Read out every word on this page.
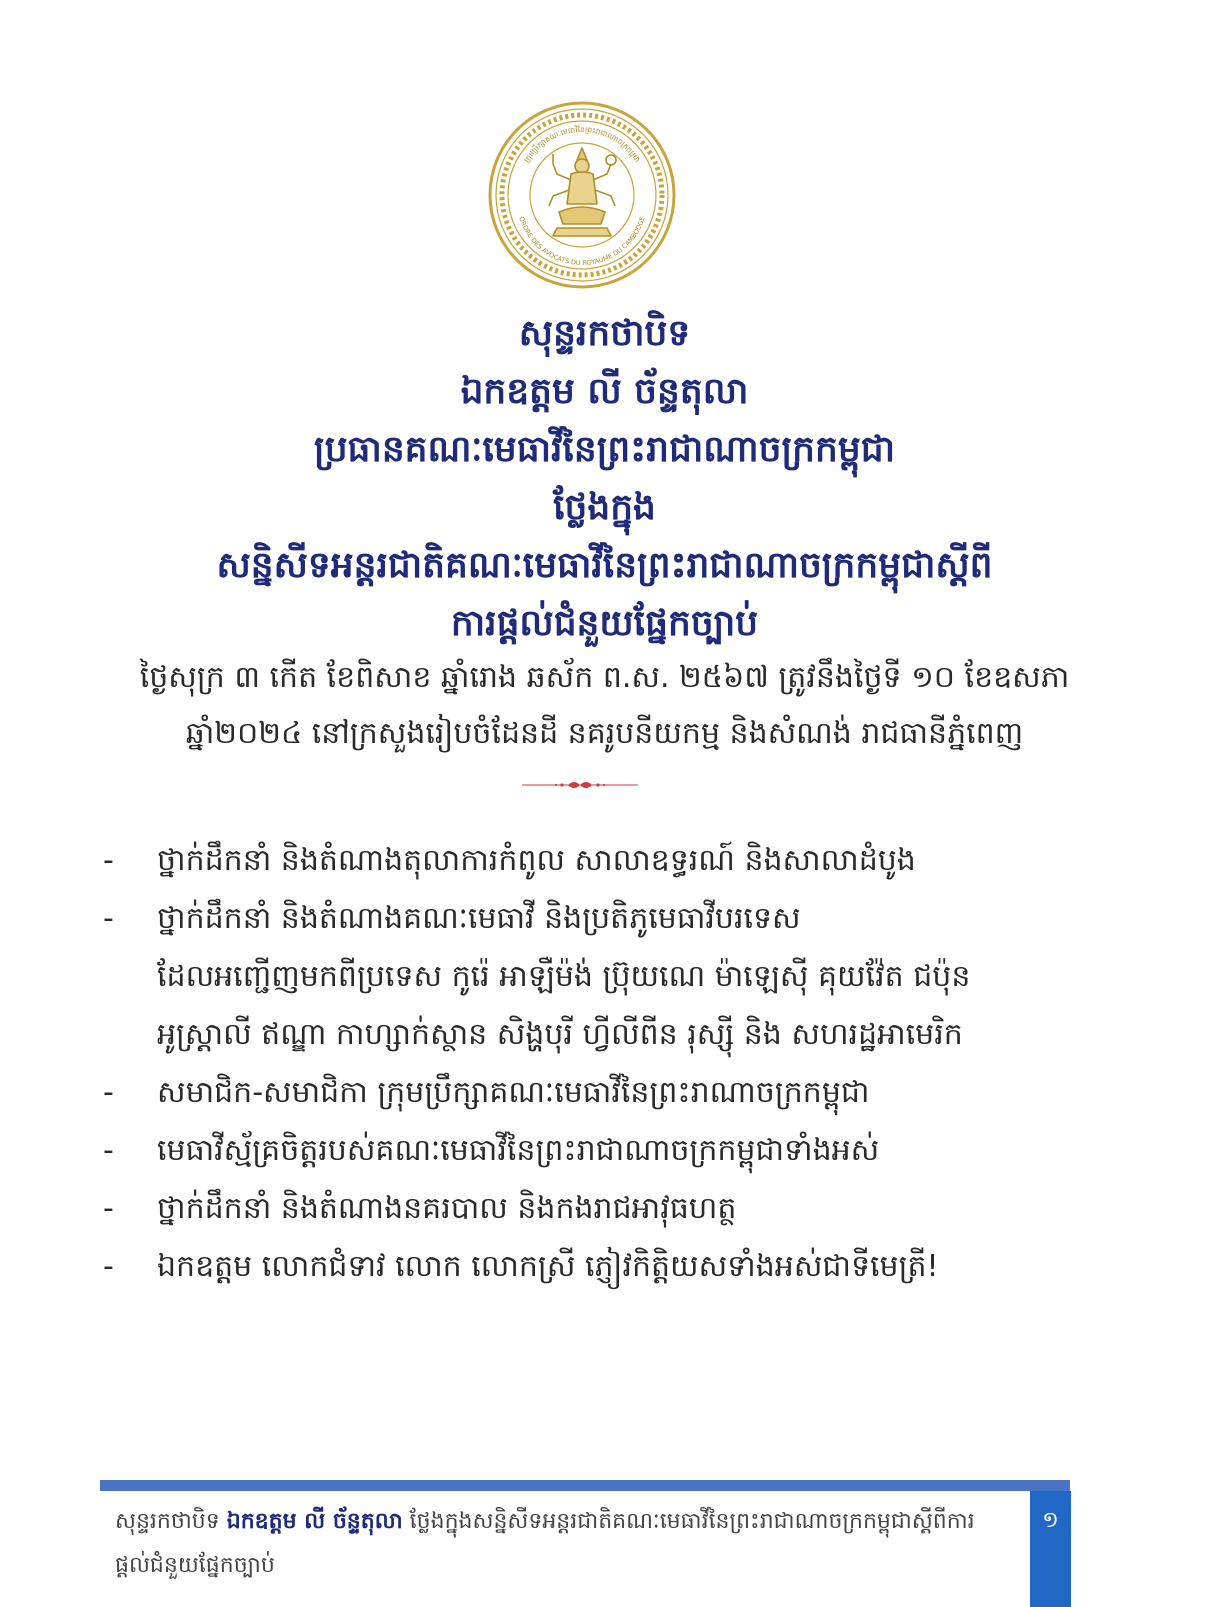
ក្រុមប្រឹក្សាគណៈមេធាវីនៃព្រះរាជាណាចក្រកម្ពុជា
ORDRE DES AVOCATS DU ROYAUME DU CAMBODGE
សុន្ទរកថាបិទ
ឯកឧត្តម លី ច័ន្ទតុលា
ប្រធានគណៈមេធាវីនៃព្រះរាជាណាចក្រកម្ពុជា
ថ្លែងក្នុង
សន្និសីទអន្តរជាតិគណៈមេធាវីនៃព្រះរាជាណាចក្រកម្ពុជាស្តីពី
ការផ្តល់ជំនួយផ្នែកច្បាប់
ថ្ងៃសុក្រ ៣ កើត ខែពិសាខ ឆ្នាំរោង ឆស័ក ព.ស. ២៥៦៧ ត្រូវនឹងថ្ងៃទី ១០ ខែឧសភា
ឆ្នាំ២០២៤ នៅក្រសួងរៀបចំដែនដី នគរូបនីយកម្ម និងសំណង់ រាជធានីភ្នំពេញ
-	ថ្នាក់ដឹកនាំ និងតំណាងតុលាការកំពូល សាលាឧទ្ធរណ៍ និងសាលាដំបូង
-	ថ្នាក់ដឹកនាំ និងតំណាងគណៈមេធាវី និងប្រតិភូមេធាវីបរទេស
ដែលអញ្ជើញមកពីប្រទេស កូរ៉េ អាឡឺម៉ង់ ប្រ៊ុយណេ ម៉ាឡេស៊ី គុយវ៉ែត ជប៉ុន
អូស្ត្រាលី ឥណ្ឌា កាហ្សាក់ស្ថាន សិង្ហបុរី ហ្វីលីពីន រុស្ស៊ី និង សហរដ្ឋអាមេរិក
-	សមាជិក-សមាជិកា ក្រុមប្រឹក្សាគណៈមេធាវីនៃព្រះរាណាចក្រកម្ពុជា
-	មេធាវីស្ម័គ្រចិត្តរបស់គណៈមេធាវីនៃព្រះរាជាណាចក្រកម្ពុជាទាំងអស់
-	ថ្នាក់ដឹកនាំ និងតំណាងនគរបាល និងកងរាជអាវុធហត្ថ
-	ឯកឧត្តម លោកជំទាវ លោក លោកស្រី ភ្ញៀវកិត្តិយសទាំងអស់ជាទីមេត្រី!
សុន្ទរកថាបិទ ឯកឧត្តម លី ច័ន្ទតុលា ថ្លែងក្នុងសន្និសីទអន្តរជាតិគណៈមេធាវីនៃព្រះរាជាណាចក្រកម្ពុជាស្តីពីការ
ផ្តល់ជំនួយផ្នែកច្បាប់
១
